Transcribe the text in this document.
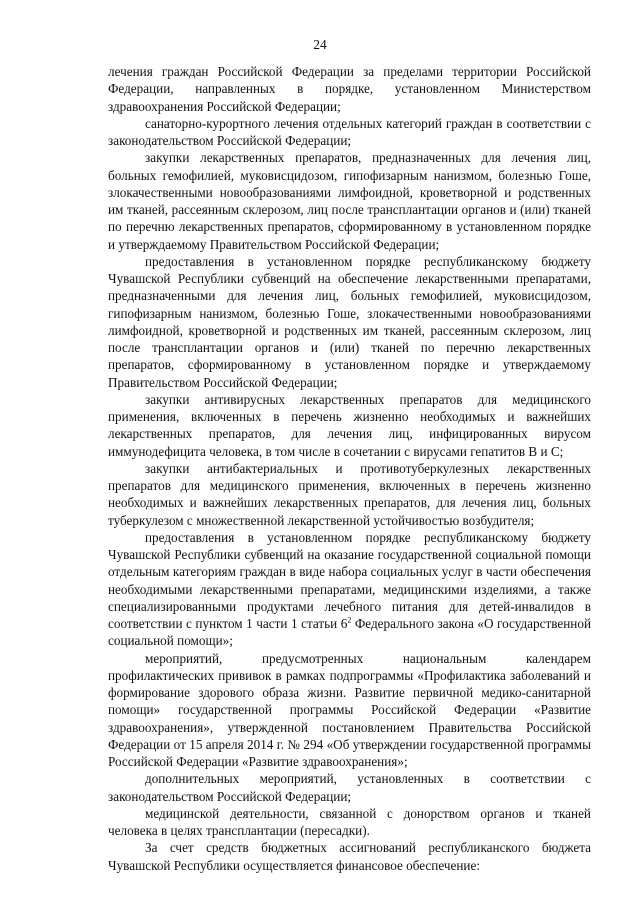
24

лечения граждан Российской Федерации за пределами территории Российской Федерации, направленных в порядке, установленном Министерством здравоохранения Российской Федерации;

санаторно-курортного лечения отдельных категорий граждан в соответствии с законодательством Российской Федерации;

закупки лекарственных препаратов, предназначенных для лечения лиц, больных гемофилией, муковисцидозом, гипофизарным нанизмом, болезнью Гоше, злокачественными новообразованиями лимфоидной, кроветворной и родственных им тканей, рассеянным склерозом, лиц после трансплантации органов и (или) тканей по перечню лекарственных препаратов, сформированному в установленном порядке и утверждаемому Правительством Российской Федерации;

предоставления в установленном порядке республиканскому бюджету Чувашской Республики субвенций на обеспечение лекарственными препаратами, предназначенными для лечения лиц, больных гемофилией, муковисцидозом, гипофизарным нанизмом, болезнью Гоше, злокачественными новообразованиями лимфоидной, кроветворной и родственных им тканей, рассеянным склерозом, лиц после трансплантации органов и (или) тканей по перечню лекарственных препаратов, сформированному в установленном порядке и утверждаемому Правительством Российской Федерации;

закупки антивирусных лекарственных препаратов для медицинского применения, включенных в перечень жизненно необходимых и важнейших лекарственных препаратов, для лечения лиц, инфицированных вирусом иммунодефицита человека, в том числе в сочетании с вирусами гепатитов B и C;

закупки антибактериальных и противотуберкулезных лекарственных препаратов для медицинского применения, включенных в перечень жизненно необходимых и важнейших лекарственных препаратов, для лечения лиц, больных туберкулезом с множественной лекарственной устойчивостью возбудителя;

предоставления в установленном порядке республиканскому бюджету Чувашской Республики субвенций на оказание государственной социальной помощи отдельным категориям граждан в виде набора социальных услуг в части обеспечения необходимыми лекарственными препаратами, медицинскими изделиями, а также специализированными продуктами лечебного питания для детей-инвалидов в соответствии с пунктом 1 части 1 статьи $6^2$ Федерального закона «О государственной социальной помощи»;

мероприятий, предусмотренных национальным календарем профилактических прививок в рамках подпрограммы «Профилактика заболеваний и формирование здорового образа жизни. Развитие первичной медико-санитарной помощи» государственной программы Российской Федерации «Развитие здравоохранения», утвержденной постановлением Правительства Российской Федерации от 15 апреля 2014 г. № 294 «Об утверждении государственной программы Российской Федерации «Развитие здравоохранения»;

дополнительных мероприятий, установленных в соответствии с законодательством Российской Федерации;

медицинской деятельности, связанной с донорством органов и тканей человека в целях трансплантации (пересадки).

За счет средств бюджетных ассигнований республиканского бюджета Чувашской Республики осуществляется финансовое обеспечение:
